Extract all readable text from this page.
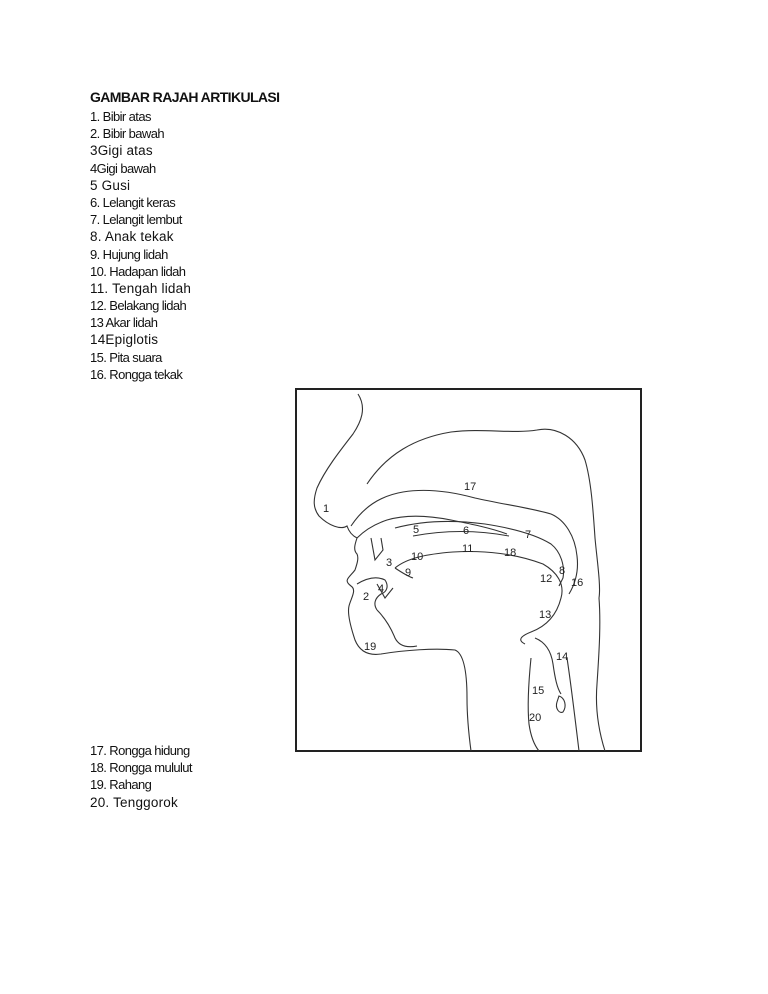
GAMBAR RAJAH ARTIKULASI
1. Bibir atas
2. Bibir bawah
3Gigi atas
4Gigi bawah
5 Gusi
6. Lelangit keras
7. Lelangit lembut
8. Anak tekak
9. Hujung lidah
10. Hadapan lidah
11. Tengah lidah
12. Belakang lidah
13 Akar lidah
14Epiglotis
15. Pita suara
16. Rongga tekak
1
2
3
4
5	6	7
8
9
10
11
12
13
14
15
16
17
18
19
20
17. Rongga hidung
18. Rongga mululut
19. Rahang
20. Tenggorok
